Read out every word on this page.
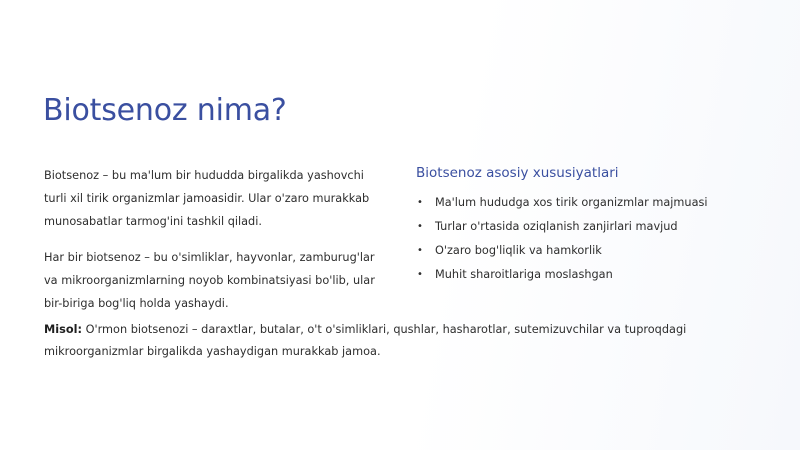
Biotsenoz nima?

Biotsenoz – bu ma'lum bir hududda birgalikda yashovchi turli xil tirik organizmlar jamoasidir. Ular o'zaro murakkab munosabatlar tarmog'ini tashkil qiladi.

Har bir biotsenoz – bu o'simliklar, hayvonlar, zamburug'lar va mikroorganizmlarning noyob kombinatsiyasi bo'lib, ular bir-biriga bog'liq holda yashaydi.

Biotsenoz asosiy xususiyatlari
• Ma'lum hududga xos tirik organizmlar majmuasi
• Turlar o'rtasida oziqlanish zanjirlari mavjud
• O'zaro bog'liqlik va hamkorlik
• Muhit sharoitlariga moslashgan

Misol: O'rmon biotsenozi – daraxtlar, butalar, o't o'simliklari, qushlar, hasharotlar, sutemizuvchilar va tuproqdagi mikroorganizmlar birgalikda yashaydigan murakkab jamoa.
